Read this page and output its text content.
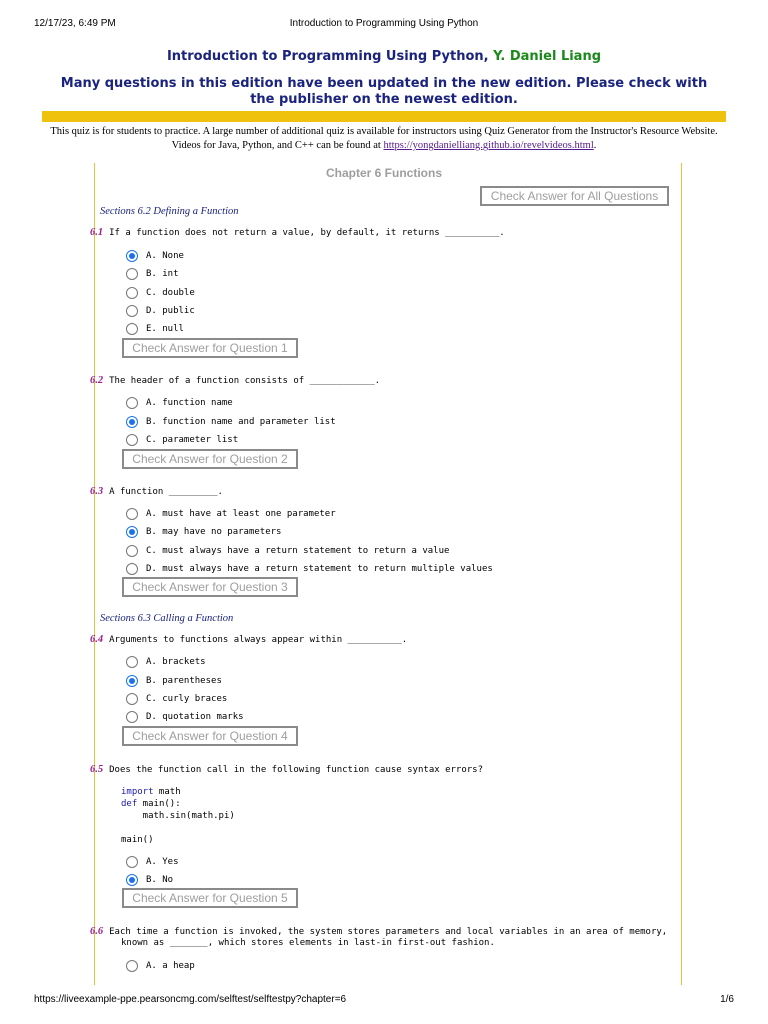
12/17/23, 6:49 PM	Introduction to Programming Using Python
Introduction to Programming Using Python, Y. Daniel Liang
Many questions in this edition have been updated in the new edition. Please check with the publisher on the newest edition.
This quiz is for students to practice. A large number of additional quiz is available for instructors using Quiz Generator from the Instructor's Resource Website. Videos for Java, Python, and C++ can be found at https://yongdanielliang.github.io/revelvideos.html.
Chapter 6 Functions
Check Answer for All Questions
Sections 6.2 Defining a Function
6.1 If a function does not return a value, by default, it returns __________.
A. None
B. int
C. double
D. public
E. null
Check Answer for Question 1
6.2 The header of a function consists of ____________.
A. function name
B. function name and parameter list
C. parameter list
Check Answer for Question 2
6.3 A function _________.
A. must have at least one parameter
B. may have no parameters
C. must always have a return statement to return a value
D. must always have a return statement to return multiple values
Check Answer for Question 3
Sections 6.3 Calling a Function
6.4 Arguments to functions always appear within __________.
A. brackets
B. parentheses
C. curly braces
D. quotation marks
Check Answer for Question 4
6.5 Does the function call in the following function cause syntax errors?
import math
def main():
math.sin(math.pi)
main()
A. Yes
B. No
Check Answer for Question 5
6.6 Each time a function is invoked, the system stores parameters and local variables in an area of memory,
known as _______, which stores elements in last-in first-out fashion.
A. a heap
https://liveexample-ppe.pearsoncmg.com/selftest/selftestpy?chapter=6	1/6
